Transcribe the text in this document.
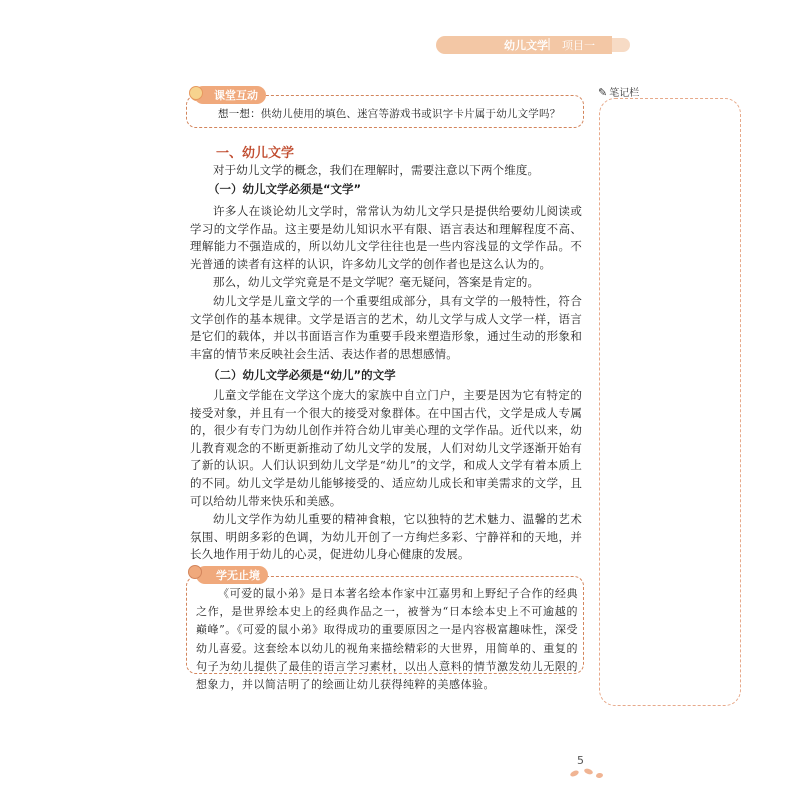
幼儿文学 | 项目一
✎ 笔记栏
课堂互动
想一想：供幼儿使用的填色、迷宫等游戏书或识字卡片属于幼儿文学吗？
一、幼儿文学
对于幼儿文学的概念，我们在理解时，需要注意以下两个维度。
（一）幼儿文学必须是“文学”
许多人在谈论幼儿文学时，常常认为幼儿文学只是提供给要幼儿阅读或学习的文学作品。这主要是幼儿知识水平有限、语言表达和理解程度不高、理解能力不强造成的，所以幼儿文学往往也是一些内容浅显的文学作品。不光普通的读者有这样的认识，许多幼儿文学的创作者也是这么认为的。
那么，幼儿文学究竟是不是文学呢？毫无疑问，答案是肯定的。
幼儿文学是儿童文学的一个重要组成部分，具有文学的一般特性，符合文学创作的基本规律。文学是语言的艺术，幼儿文学与成人文学一样，语言是它们的载体，并以书面语言作为重要手段来塑造形象，通过生动的形象和丰富的情节来反映社会生活、表达作者的思想感情。
（二）幼儿文学必须是“幼儿”的文学
儿童文学能在文学这个庞大的家族中自立门户，主要是因为它有特定的接受对象，并且有一个很大的接受对象群体。在中国古代，文学是成人专属的，很少有专门为幼儿创作并符合幼儿审美心理的文学作品。近代以来，幼儿教育观念的不断更新推动了幼儿文学的发展，人们对幼儿文学逐渐开始有了新的认识。人们认识到幼儿文学是“幼儿”的文学，和成人文学有着本质上的不同。幼儿文学是幼儿能够接受的、适应幼儿成长和审美需求的文学，且可以给幼儿带来快乐和美感。
幼儿文学作为幼儿重要的精神食粮，它以独特的艺术魅力、温馨的艺术氛围、明朗多彩的色调，为幼儿开创了一方绚烂多彩、宁静祥和的天地，并长久地作用于幼儿的心灵，促进幼儿身心健康的发展。
学无止境
《可爱的鼠小弟》是日本著名绘本作家中江嘉男和上野纪子合作的经典之作，是世界绘本史上的经典作品之一，被誉为“日本绘本史上不可逾越的巅峰”。《可爱的鼠小弟》取得成功的重要原因之一是内容极富趣味性，深受幼儿喜爱。这套绘本以幼儿的视角来描绘精彩的大世界，用简单的、重复的句子为幼儿提供了最佳的语言学习素材，以出人意料的情节激发幼儿无限的想象力，并以简洁明了的绘画让幼儿获得纯粹的美感体验。
5
